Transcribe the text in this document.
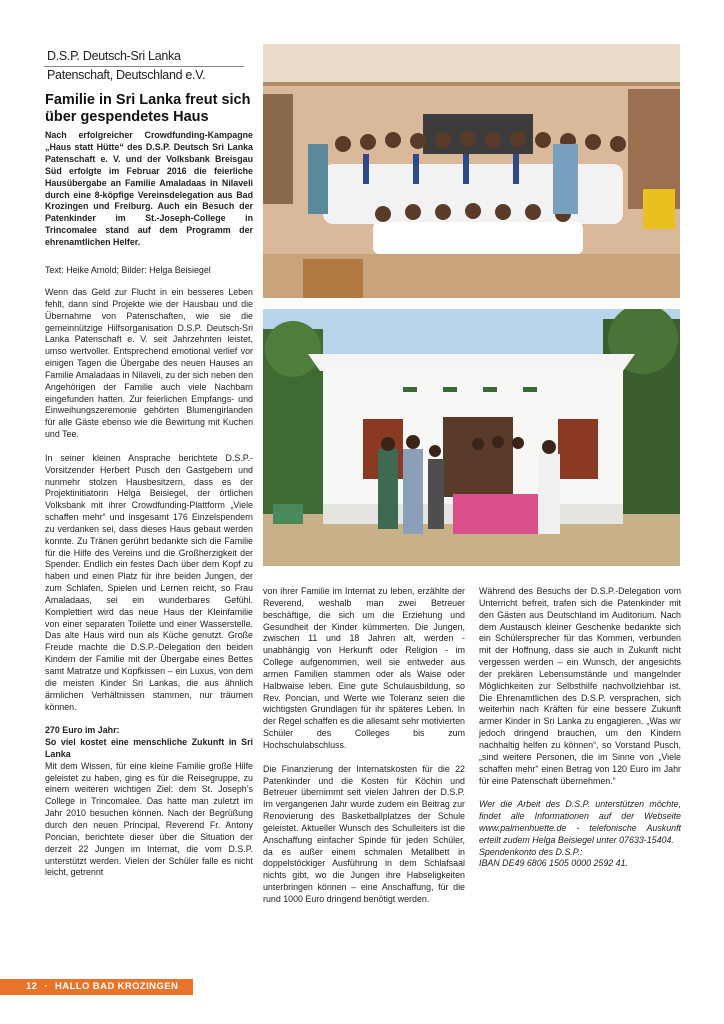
D.S.P. Deutsch-Sri Lanka
Patenschaft, Deutschland e.V.
Familie in Sri Lanka freut sich
über gespendetes Haus
Nach erfolgreicher Crowdfunding-Kampagne „Haus statt Hütte“ des D.S.P. Deutsch Sri Lanka Patenschaft e. V. und der Volksbank Breisgau Süd erfolgte im Februar 2016 die feierliche Hausübergabe an Familie Amaladaas in Nilaveli durch eine 8-köpfige Vereinsdelegation aus Bad Krozingen und Freiburg. Auch ein Besuch der Patenkinder im St.-Joseph-College in Trincomalee stand auf dem Programm der ehrenamtlichen Helfer.
Text: Heike Arnold; Bilder: Helga Beisiegel

Wenn das Geld zur Flucht in ein besseres Leben fehlt, dann sind Projekte wie der Hausbau und die Übernahme von Patenschaften, wie sie die gemeinnützige Hilfsorganisation D.S.P. Deutsch-Sri Lanka Patenschaft e. V. seit Jahrzehnten leistet, umso wertvoller. Entsprechend emotional verlief vor einigen Tagen die Übergabe des neuen Hauses an Familie Amaladaas in Nilaveli, zu der sich neben den Angehörigen der Familie auch viele Nachbarn eingefunden hatten. Zur feierlichen Empfangs- und Einweihungszeremonie gehörten Blumengirlanden für alle Gäste ebenso wie die Bewirtung mit Kuchen und Tee.

In seiner kleinen Ansprache berichtete D.S.P.-Vorsitzender Herbert Pusch den Gastgebern und nunmehr stolzen Hausbesitzern, dass es der Projektinitiatorin Helga Beisiegel, der örtlichen Volksbank mit ihrer Crowdfunding-Plattform „Viele schaffen mehr“ und insgesamt 176 Einzelspendern zu verdanken sei, dass dieses Haus gebaut werden konnte. Zu Tränen gerührt bedankte sich die Familie für die Hilfe des Vereins und die Großherzigkeit der Spender. Endlich ein festes Dach über dem Kopf zu haben und einen Platz für ihre beiden Jungen, der zum Schlafen, Spielen und Lernen reicht, so Frau Amaladaas, sei ein wunderbares Gefühl. Komplettiert wird das neue Haus der Kleinfamilie von einer separaten Toilette und einer Wasserstelle. Das alte Haus wird nun als Küche genutzt. Große Freude machte die D.S.P.-Delegation den beiden Kindern der Familie mit der Übergabe eines Bettes samt Matratze und Kopfkissen – ein Luxus, von dem die meisten Kinder Sri Lankas, die aus ähnlich ärmlichen Verhältnissen stammen, nur träumen können.

270 Euro im Jahr:
So viel kostet eine menschliche Zukunft in Sri Lanka

Mit dem Wissen, für eine kleine Familie große Hilfe geleistet zu haben, ging es für die Reisegruppe, zu einem weiteren wichtigen Ziel: dem St. Joseph’s College in Trincomalee. Das hatte man zuletzt im Jahr 2010 besuchen können. Nach der Begrüßung durch den neuen Principal, Reverend Fr. Antony Poncian, berichtete dieser über die Situation der derzeit 22 Jungen im Internat, die vom D.S.P. unterstützt werden. Vielen der Schüler falle es nicht leicht, getrennt

von ihrer Familie im Internat zu leben, erzählte der Reverend, weshalb man zwei Betreuer beschäftige, die sich um die Erziehung und Gesundheit der Kinder kümmerten. Die Jungen, zwischen 11 und 18 Jahren alt, werden - unabhängig von Herkunft oder Religion - im College aufgenommen, weil sie entweder aus armen Familien stammen oder als Waise oder Halbwaise leben. Eine gute Schulausbildung, so Rev. Poncian, und Werte wie Toleranz seien die wichtigsten Grundlagen für ihr späteres Leben. In der Regel schaffen es die allesamt sehr motivierten Schüler des Colleges bis zum Hochschulabschluss.

Die Finanzierung der Internatskosten für die 22 Patenkinder und die Kosten für Köchin und Betreuer übernimmt seit vielen Jahren der D.S.P. Im vergangenen Jahr wurde zudem ein Beitrag zur Renovierung des Basketballplatzes der Schule geleistet. Aktueller Wunsch des Schulleiters ist die Anschaffung einfacher Spinde für jeden Schüler, da es außer einem schmalen Metallbett in doppelstöckiger Ausführung in dem Schlafsaal nichts gibt, wo die Jungen ihre Habseligkeiten unterbringen können – eine Anschaffung, für die rund 1000 Euro dringend benötigt werden.

Während des Besuchs der D.S.P.-Delegation vom Unterricht befreit, trafen sich die Patenkinder mit den Gästen aus Deutschland im Auditorium. Nach dem Austausch kleiner Geschenke bedankte sich ein Schülersprecher für das Kommen, verbunden mit der Hoffnung, dass sie auch in Zukunft nicht vergessen werden – ein Wunsch, der angesichts der prekären Lebensumstände und mangelnder Möglichkeiten zur Selbsthilfe nachvollziehbar ist. Die Ehrenamtlichen des D.S.P. versprachen, sich weiterhin nach Kräften für eine bessere Zukunft armer Kinder in Sri Lanka zu engagieren. „Was wir jedoch dringend brauchen, um den Kindern nachhaltig helfen zu können“, so Vorstand Pusch, „sind weitere Personen, die im Sinne von „Viele schaffen mehr“ einen Betrag von 120 Euro im Jahr für eine Patenschaft übernehmen.“

Wer die Arbeit des D.S.P. unterstützen möchte, findet alle Informationen auf der Webseite www.palmenhuette.de - telefonische Auskunft erteilt zudem Helga Beisiegel unter 07633-15404.

Spendenkonto des D.S.P.:

IBAN DE49 6806 1505 0000 2592 41.

12 · HALLO BAD KROZINGEN
